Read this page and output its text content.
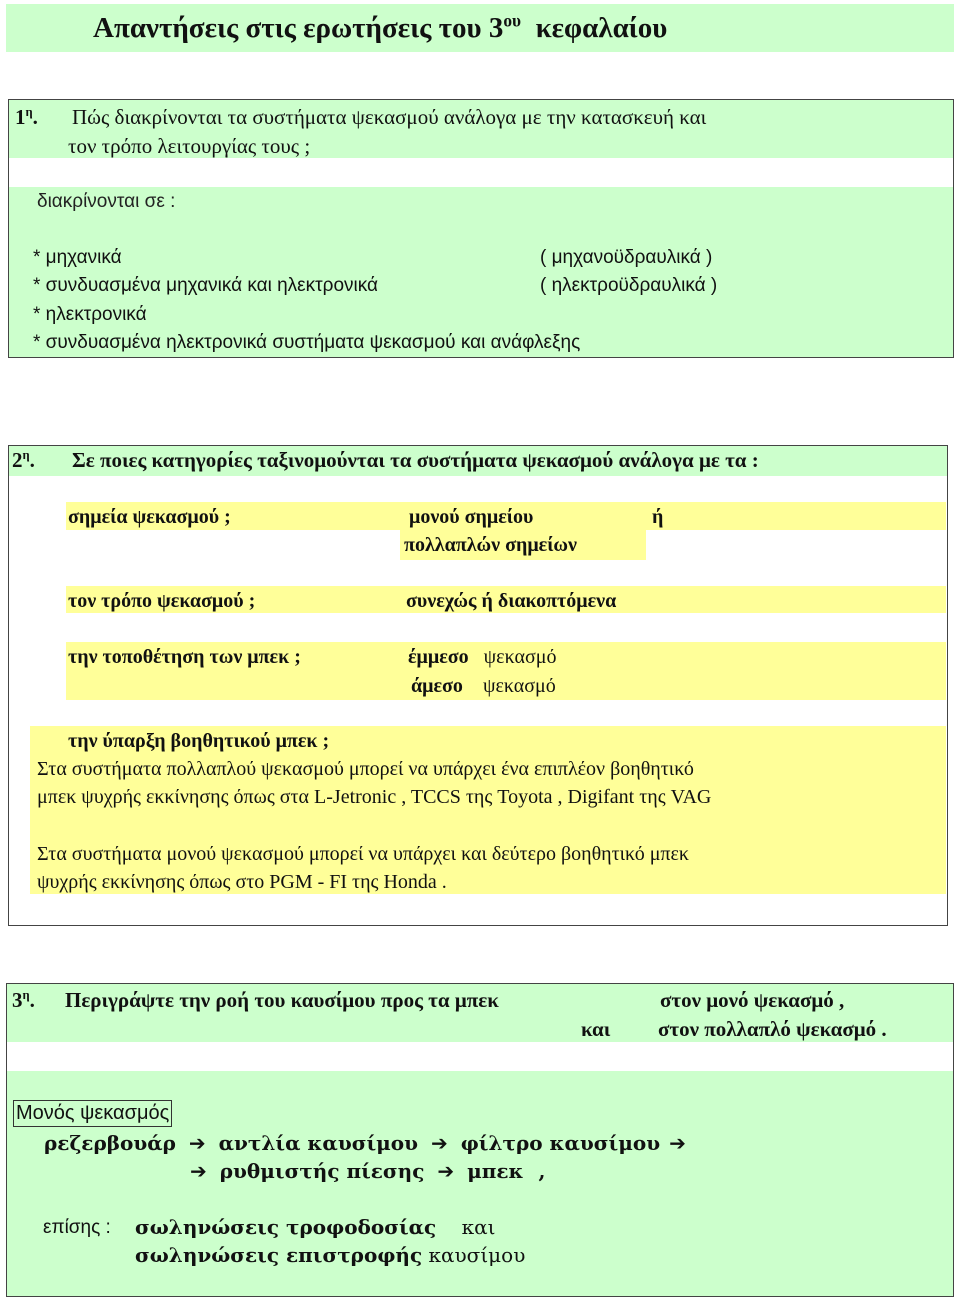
Απαντήσεις στις ερωτήσεις του $3^{o\upsilon}$ κεφαλαίου
$1^\eta$. Πώς διακρίνονται τα συστήματα ψεκασμού ανάλογα με την κατασκευή και
τον τρόπο λειτουργίας τους ;
διακρίνονται σε :
* μηχανικά	( μηχανοϋδραυλικά )
* συνδυασμένα μηχανικά και ηλεκτρονικά	( ηλεκτροϋδραυλικά )
* ηλεκτρονικά
* συνδυασμένα ηλεκτρονικά συστήματα ψεκασμού και ανάφλεξης
$2^\eta$. Σε ποιες κατηγορίες ταξινομούνται τα συστήματα ψεκασμού ανάλογα με τα :
σημεία ψεκασμού ;	μονού σημείου	ή
πολλαπλών σημείων
τον τρόπο ψεκασμού ;	συνεχώς ή διακοπτόμενα
την τοποθέτηση των μπεκ ;	έμμεσο ψεκασμό
άμεσο ψεκασμό
την ύπαρξη βοηθητικού μπεκ ;
Στα συστήματα πολλαπλού ψεκασμού μπορεί να υπάρχει ένα επιπλέον βοηθητικό
μπεκ ψυχρής εκκίνησης όπως στα L-Jetronic , TCCS της Toyota , Digifant της VAG
Στα συστήματα μονού ψεκασμού μπορεί να υπάρχει και δεύτερο βοηθητικό μπεκ
ψυχρής εκκίνησης όπως στο PGM - FI της Honda .
$3^\eta$. Περιγράψτε την ροή του καυσίμου προς τα μπεκ	στον μονό ψεκασμό ,
και στον πολλαπλό ψεκασμό .
Μονός ψεκασμός
ρεζερβουάρ ➔ αντλία καυσίμου ➔ φίλτρο καυσίμου ➔
➔ ρυθμιστής πίεσης ➔ μπεκ ,
επίσης : σωληνώσεις τροφοδοσίας και
σωληνώσεις επιστροφής καυσίμου
